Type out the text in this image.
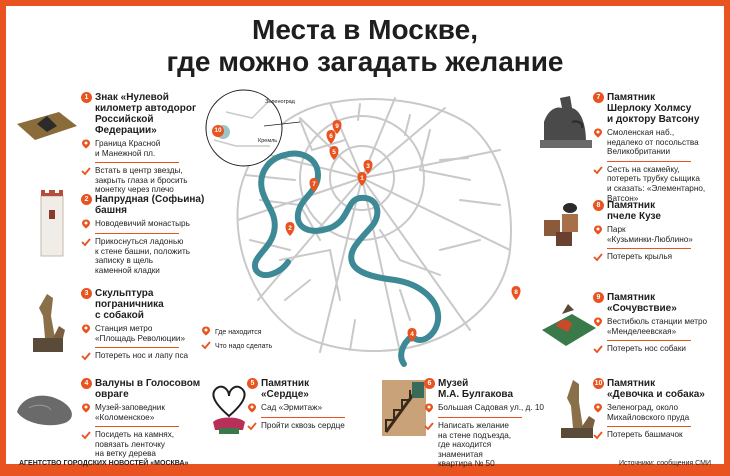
Места в Москве,
где можно загадать желание
1
2
3
4
5
6
7
8
9
10
Зеленоград
Кремль
Где находится
Что надо сделать
1 Знак «Нулевой
километр автодорог
Российской
Федерации»
Граница Красной
и Манежной пл.
Встать в центр звезды,
закрыть глаза и бросить
монетку через плечо
2 Напрудная (Софьина)
башня
Новодевичий монастырь
Прикоснуться ладонью
к стене башни, положить
записку в щель
каменной кладки
3 Скульптура
пограничника
с собакой
Станция метро
«Площадь Революции»
Потереть нос и лапу пса
4 Валуны в Голосовом
овраге
Музей-заповедник
«Коломенское»
Посидеть на камнях,
повязать ленточку
на ветку дерева
5 Памятник
«Сердце»
Сад «Эрмитаж»
Пройти сквозь сердце
6 Музей
М.А. Булгакова
Большая Садовая ул., д. 10
Написать желание
на стене подъезда,
где находится
знаменитая
квартира № 50
7 Памятник
Шерлоку Холмсу
и доктору Ватсону
Смоленская наб.,
недалеко от посольства
Великобритании
Сесть на скамейку,
потереть трубку сыщика
и сказать: «Элементарно,
Ватсон»
8 Памятник
пчеле Кузе
Парк
«Кузьминки-Люблино»
Потереть крылья
9 Памятник
«Сочувствие»
Вестибюль станции метро
«Менделеевская»
Потереть нос собаки
10 Памятник
«Девочка и собака»
Зеленоград, около
Михайловского пруда
Потереть башмачок
АГЕНТСТВО ГОРОДСКИХ НОВОСТЕЙ «МОСКВА»	Источники: сообщения СМИ
